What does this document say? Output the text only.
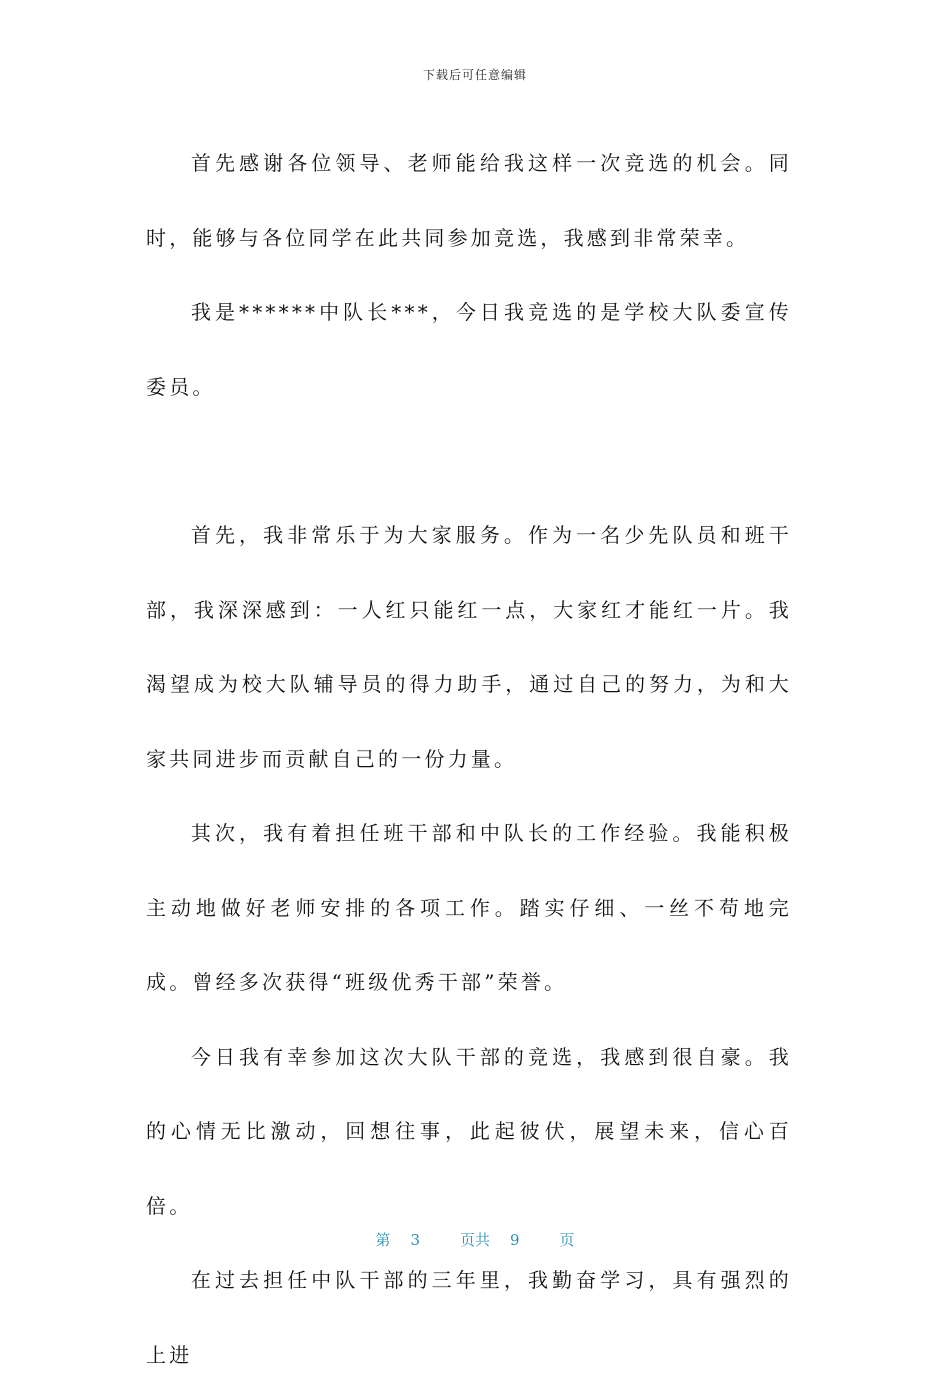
下载后可任意编辑

首先感谢各位领导、老师能给我这样一次竞选的机会。同时，能够与各位同学在此共同参加竞选，我感到非常荣幸。

我是******中队长***，今日我竞选的是学校大队委宣传委员。

首先，我非常乐于为大家服务。作为一名少先队员和班干部，我深深感到：一人红只能红一点，大家红才能红一片。我渴望成为校大队辅导员的得力助手，通过自己的努力，为和大家共同进步而贡献自己的一份力量。

其次，我有着担任班干部和中队长的工作经验。我能积极主动地做好老师安排的各项工作。踏实仔细、一丝不苟地完成。曾经多次获得“班级优秀干部”荣誉。

今日我有幸参加这次大队干部的竞选，我感到很自豪。我的心情无比激动，回想往事，此起彼伏，展望未来，信心百倍。

在过去担任中队干部的三年里，我勤奋学习，具有强烈的上进

第 3	页共 9	页
